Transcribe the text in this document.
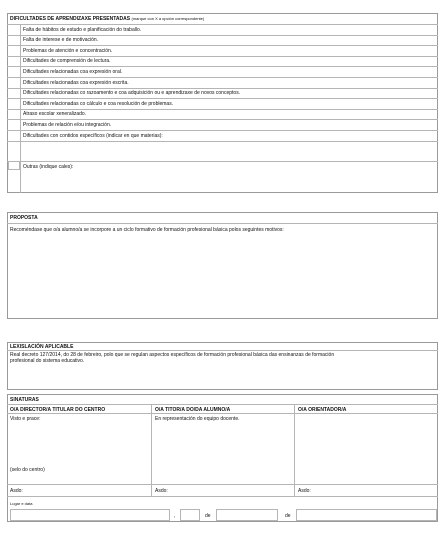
DIFICULTADES DE APRENDIZAXE PRESENTADAS (marque con X a opción correspondente)
Falta de hábitos de estudo e planificación do traballo.
Falta de interese e de motivación.
Problemas de atención e concentración.
Dificultades de comprensión de lectura.
Dificultades relacionadas coa expresión oral.
Dificultades relacionadas coa expresión escrita.
Dificultades relacionadas co razoamento e coa adquisición ou e aprendizaxe de novos conceptos.
Dificultades relacionadas co cálculo e coa resolución de problemas.
Atraso escolar xeneralizado.
Problemas de relación e/ou integración.
Dificultades con contidos específicos (indicar en que materias):
Outras (indique cales):
PROPOSTA
Recoméndase que o/a alumno/a se incorpore a un ciclo formativo de formación profesional básica polos seguintes motivos:
LEXISLACIÓN APLICABLE
Real decreto 127/2014, do 28 de febreiro, polo que se regulan aspectos específicos de formación profesional básica das ensinanzas de formación
profesional do sistema educativo.
SINATURAS
O/A DIRECTOR/A TITULAR DO CENTRO	O/A TITOR/A DO/DA ALUMNO/A	O/A ORIENTADOR/A
Visto e prace:	En representación do equipo docente.
(selo do centro)
Asdo:	Asdo:	Asdo:
Lugar e data
,	de	de
